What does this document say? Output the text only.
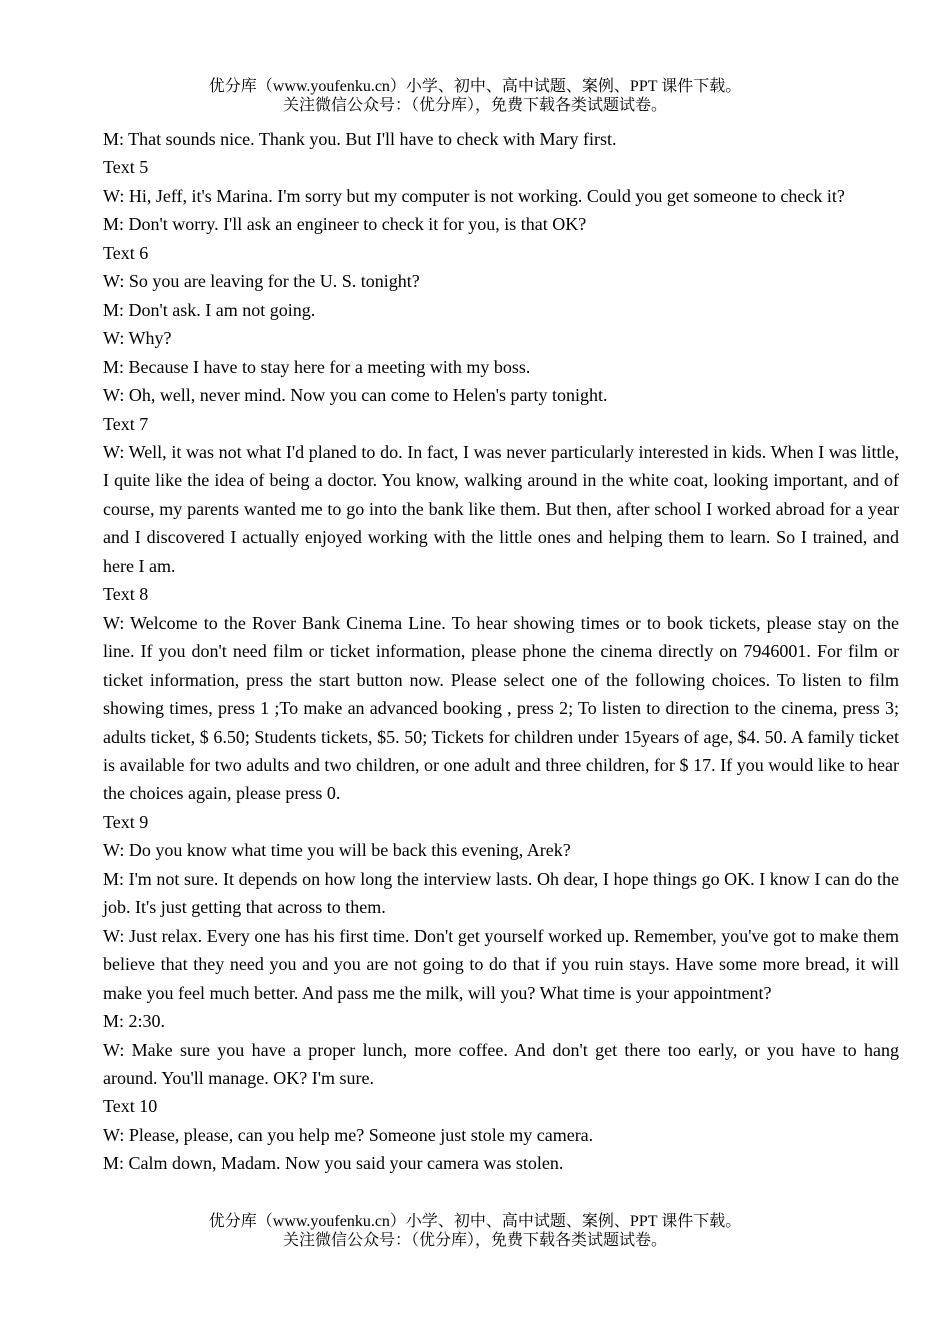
优分库（www.youfenku.cn）小学、初中、高中试题、案例、PPT 课件下载。
关注微信公众号：（优分库），免费下载各类试题试卷。

M: That sounds nice. Thank you. But I'll have to check with Mary first.

Text 5

W: Hi, Jeff, it's Marina. I'm sorry but my computer is not working. Could you get someone to check it?

M: Don't worry. I'll ask an engineer to check it for you, is that OK?

Text 6

W: So you are leaving for the U. S. tonight?

M: Don't ask. I am not going.

W: Why?

M: Because I have to stay here for a meeting with my boss.

W: Oh, well, never mind. Now you can come to Helen's party tonight.

Text 7

W: Well, it was not what I'd planed to do. In fact, I was never particularly interested in kids. When I was little, I quite like the idea of being a doctor. You know, walking around in the white coat, looking important, and of course, my parents wanted me to go into the bank like them. But then, after school I worked abroad for a year and I discovered I actually enjoyed working with the little ones and helping them to learn. So I trained, and here I am.

Text 8

W: Welcome to the Rover Bank Cinema Line. To hear showing times or to book tickets, please stay on the line. If you don't need film or ticket information, please phone the cinema directly on 7946001. For film or ticket information, press the start button now. Please select one of the following choices. To listen to film showing times, press 1 ;To make an advanced booking , press 2; To listen to direction to the cinema, press 3; adults ticket, $ 6.50; Students tickets, $5. 50; Tickets for children under 15years of age, $4. 50. A family ticket is available for two adults and two children, or one adult and three children, for $ 17. If you would like to hear the choices again, please press 0.

Text 9

W: Do you know what time you will be back this evening, Arek?

M: I'm not sure. It depends on how long the interview lasts. Oh dear, I hope things go OK. I know I can do the job. It's just getting that across to them.

W: Just relax. Every one has his first time. Don't get yourself worked up. Remember, you've got to make them believe that they need you and you are not going to do that if you ruin stays. Have some more bread, it will make you feel much better. And pass me the milk, will you? What time is your appointment?

M: 2:30.

W: Make sure you have a proper lunch, more coffee. And don't get there too early, or you have to hang around. You'll manage. OK? I'm sure.

Text 10

W: Please, please, can you help me? Someone just stole my camera.

M: Calm down, Madam. Now you said your camera was stolen.

优分库（www.youfenku.cn）小学、初中、高中试题、案例、PPT 课件下载。
关注微信公众号：（优分库），免费下载各类试题试卷。
